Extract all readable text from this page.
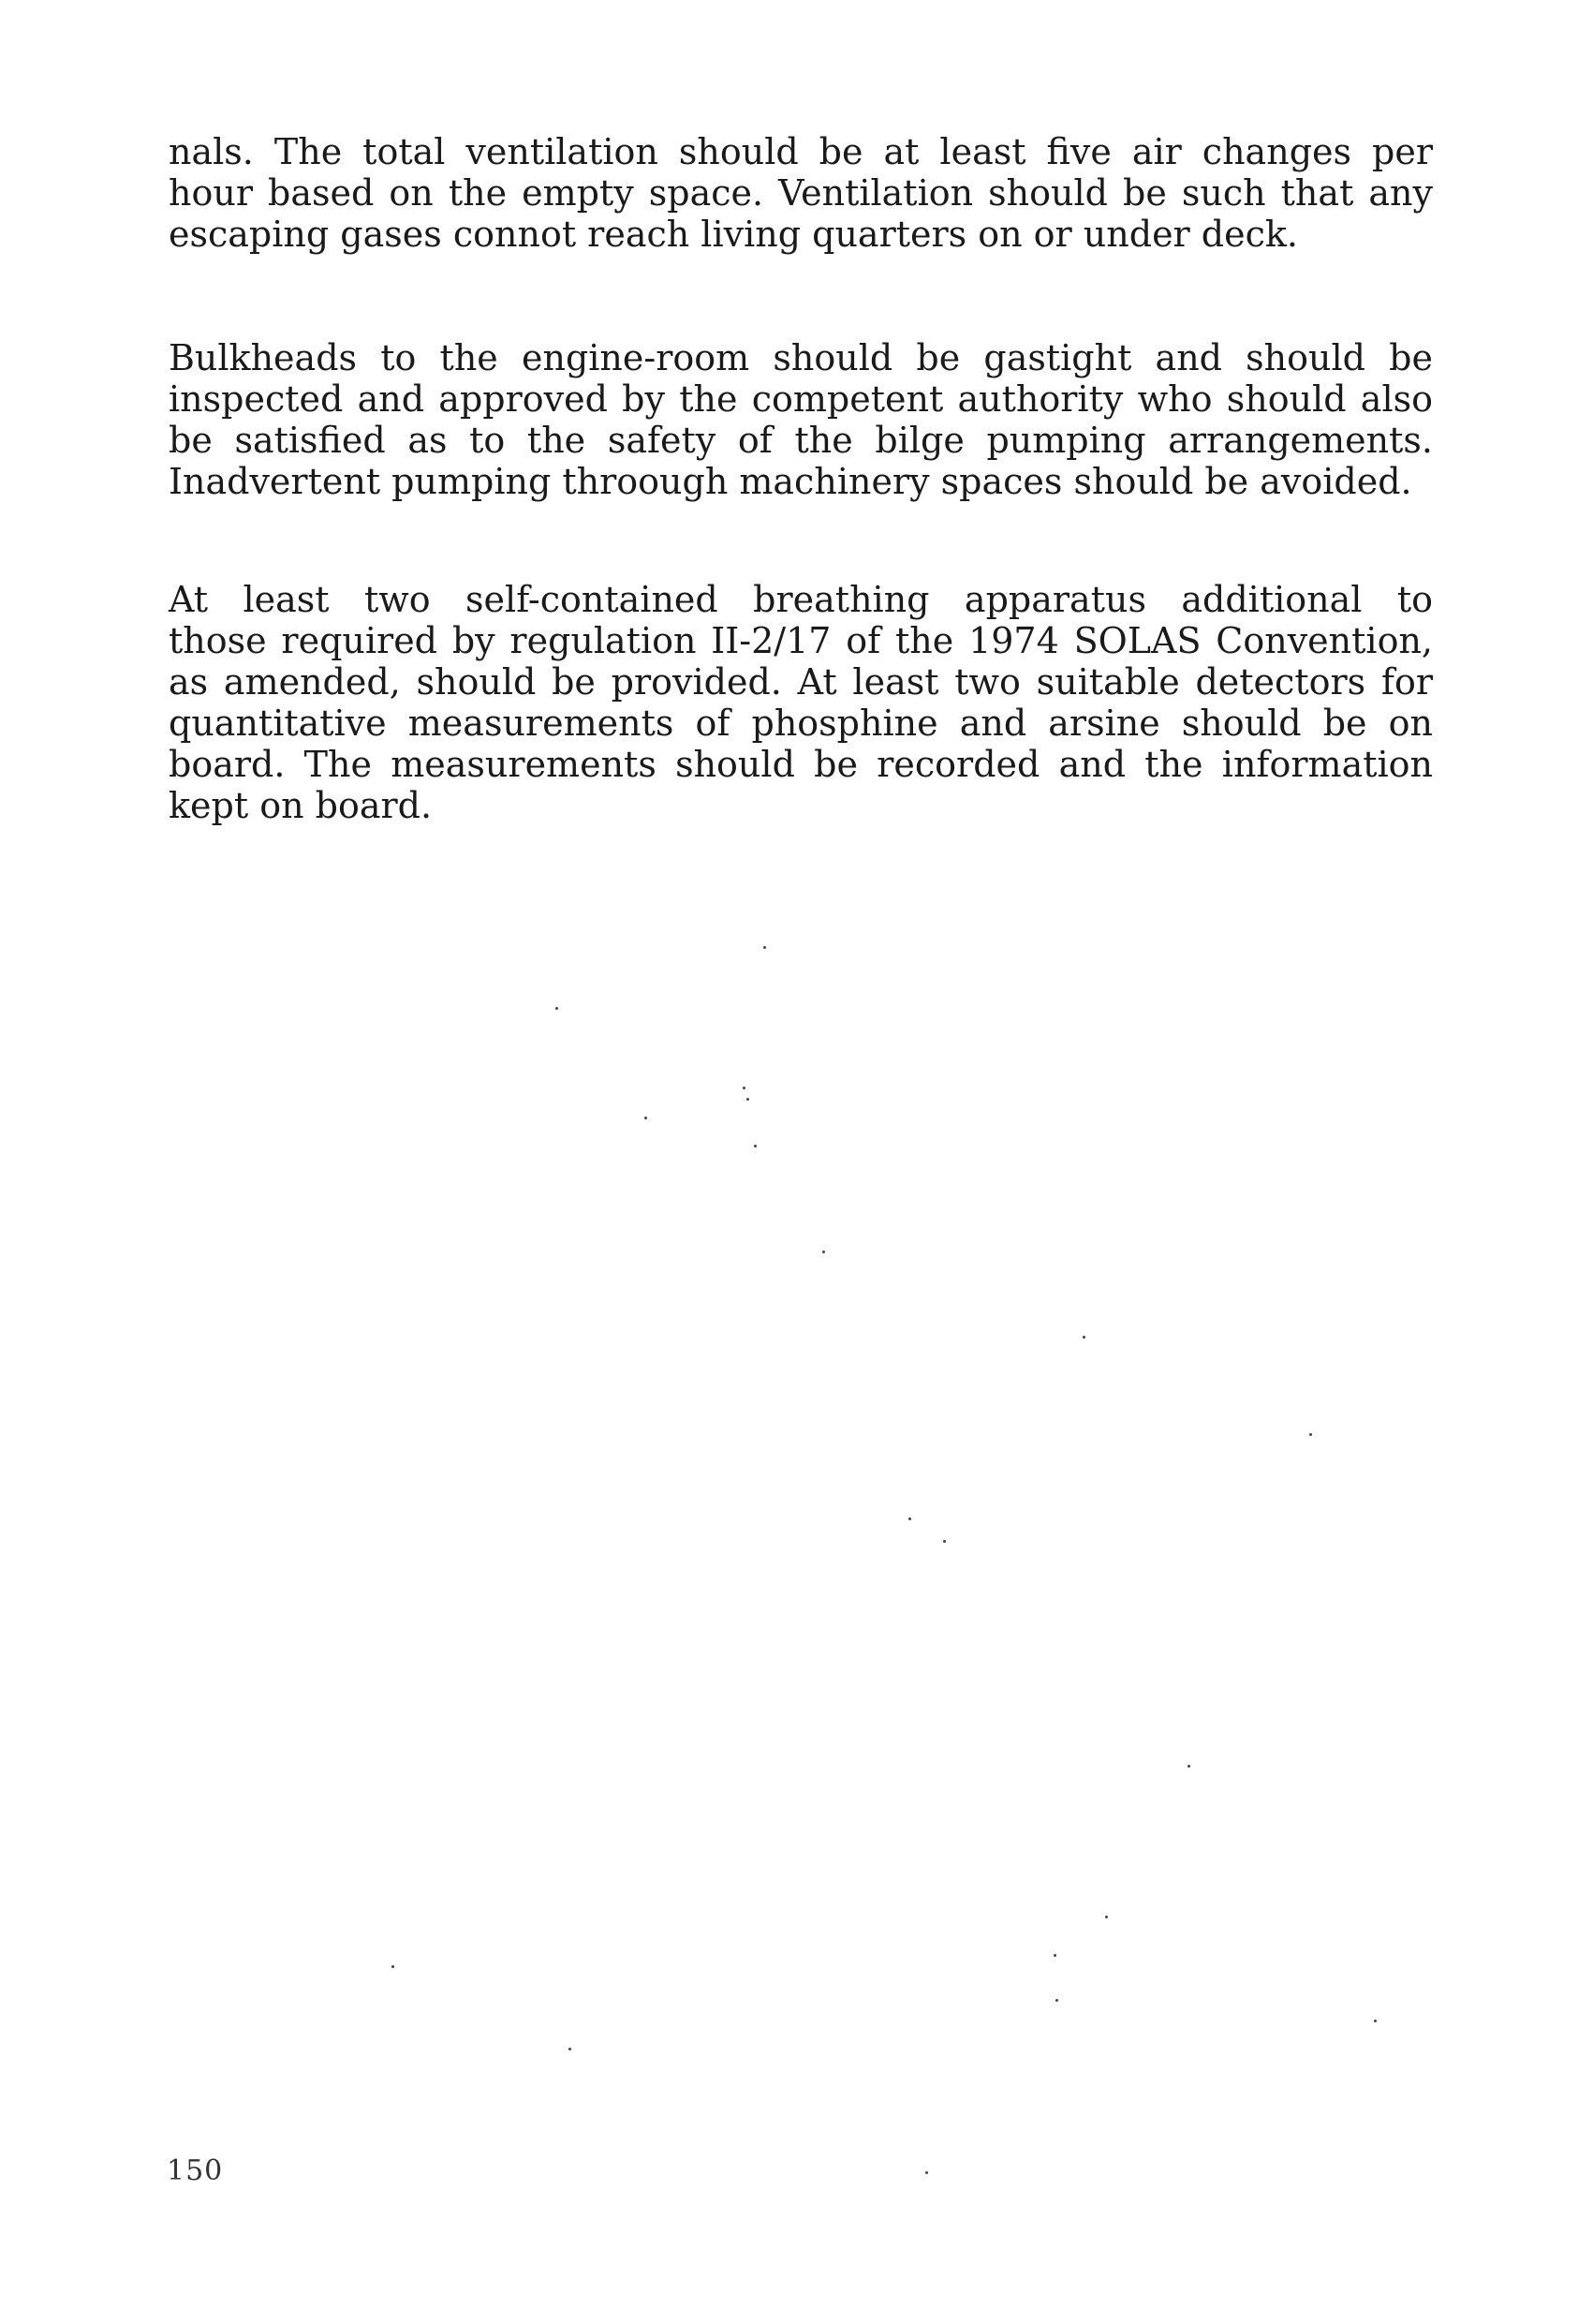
nals. The total ventilation should be at least five air changes per
hour based on the empty space. Ventilation should be such that any
escaping gases connot reach living quarters on or under deck.
Bulkheads to the engine-room should be gastight and should be
inspected and approved by the competent authority who should also
be satisfied as to the safety of the bilge pumping arrangements.
Inadvertent pumping throough machinery spaces should be avoided.
At least two self-contained breathing apparatus additional to
those required by regulation II-2/17 of the 1974 SOLAS Convention,
as amended, should be provided. At least two suitable detectors for
quantitative measurements of phosphine and arsine should be on
board. The measurements should be recorded and the information
kept on board.
150
